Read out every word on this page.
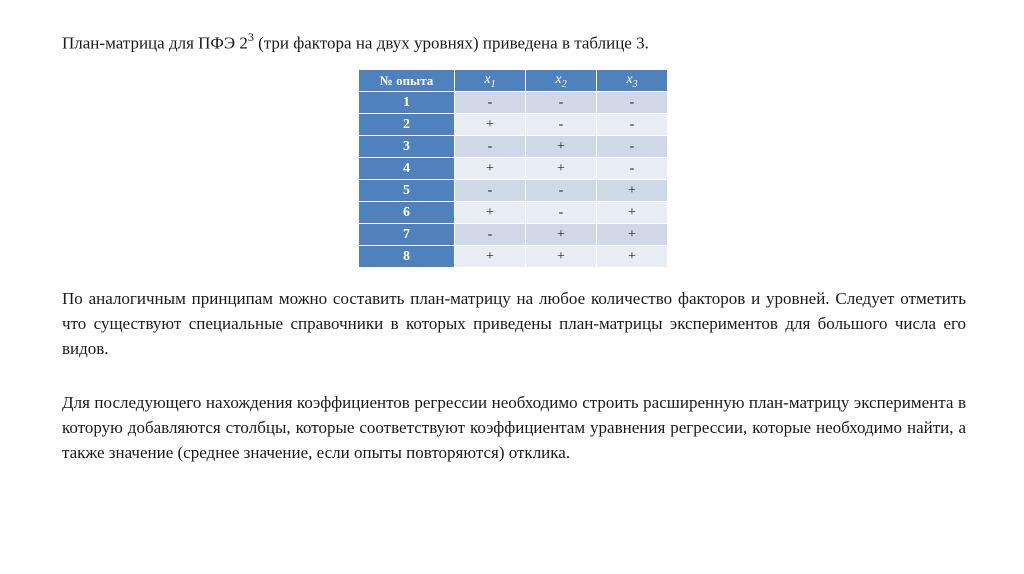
План-матрица для ПФЭ $2^3$ (три фактора на двух уровнях) приведена в таблице 3.
№ опыта	$x_1$	$x_2$	$x_3$
1	-	-	-
2	+	-	-
3	-	+	-
4	+	+	-
5	-	-	+
6	+	-	+
7	-	+	+
8	+	+	+

По аналогичным принципам можно составить план-матрицу на любое количество факторов и уровней. Следует отметить что существуют специальные справочники в которых приведены план-матрицы экспериментов для большого числа его видов.

Для последующего нахождения коэффициентов регрессии необходимо строить расширенную план-матрицу эксперимента в которую добавляются столбцы, которые соответствуют коэффициентам уравнения регрессии, которые необходимо найти, а также значение (среднее значение, если опыты повторяются) отклика.
